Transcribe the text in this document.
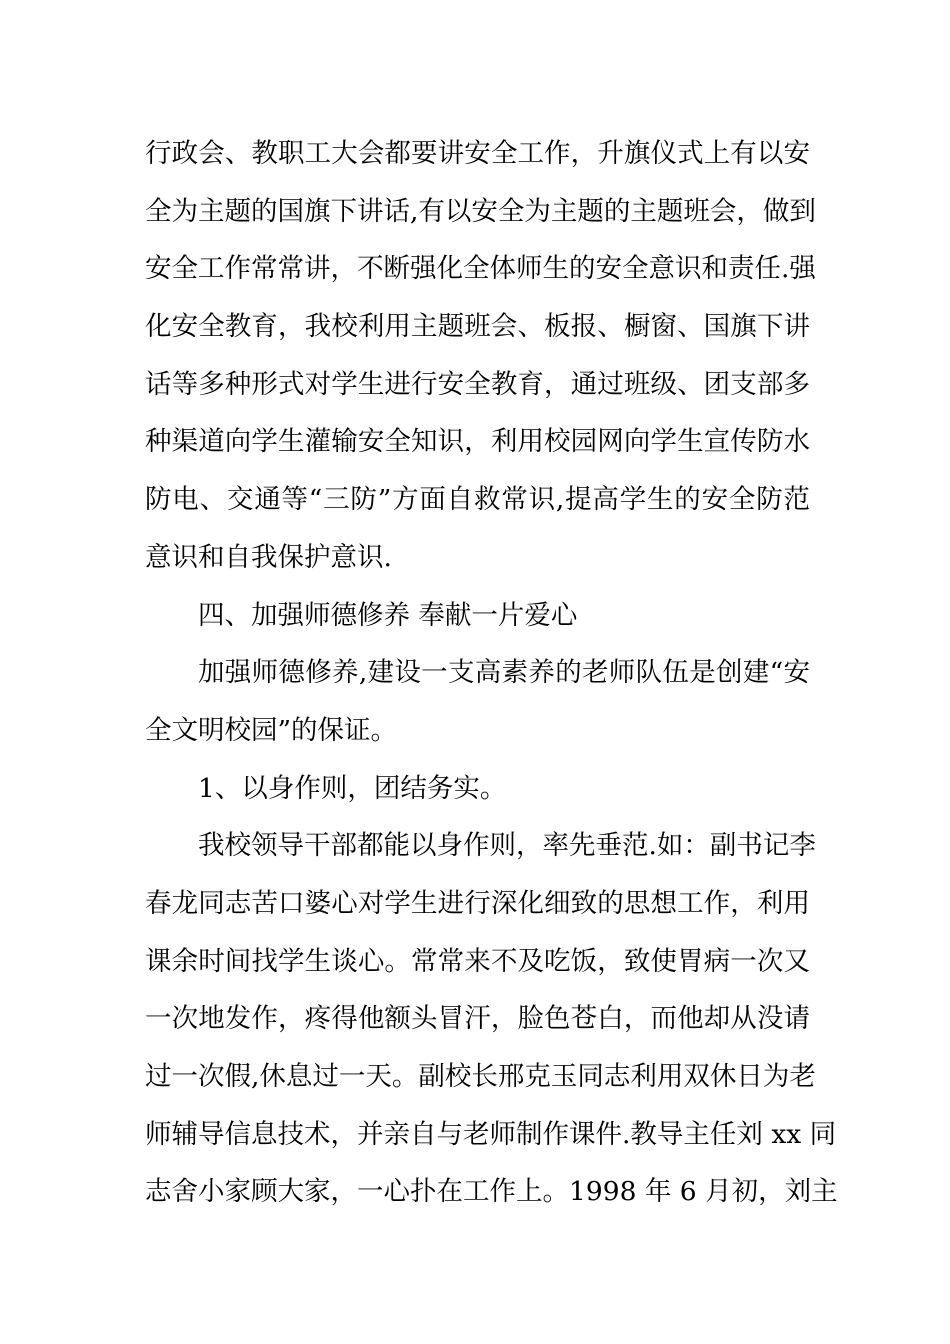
行政会、教职工大会都要讲安全工作，升旗仪式上有以安
全为主题的国旗下讲话,有以安全为主题的主题班会，做到
安全工作常常讲，不断强化全体师生的安全意识和责任.强
化安全教育，我校利用主题班会、板报、橱窗、国旗下讲
话等多种形式对学生进行安全教育，通过班级、团支部多
种渠道向学生灌输安全知识，利用校园网向学生宣传防水
防电、交通等“三防”方面自救常识,提高学生的安全防范
意识和自我保护意识.
四、加强师德修养 奉献一片爱心
加强师德修养,建设一支高素养的老师队伍是创建“安
全文明校园”的保证。
1、以身作则，团结务实。
我校领导干部都能以身作则，率先垂范.如：副书记李
春龙同志苦口婆心对学生进行深化细致的思想工作，利用
课余时间找学生谈心。常常来不及吃饭，致使胃病一次又
一次地发作，疼得他额头冒汗，脸色苍白，而他却从没请
过一次假,休息过一天。副校长邢克玉同志利用双休日为老
师辅导信息技术，并亲自与老师制作课件.教导主任刘 xx 同
志舍小家顾大家，一心扑在工作上。1998 年 6 月初，刘主
